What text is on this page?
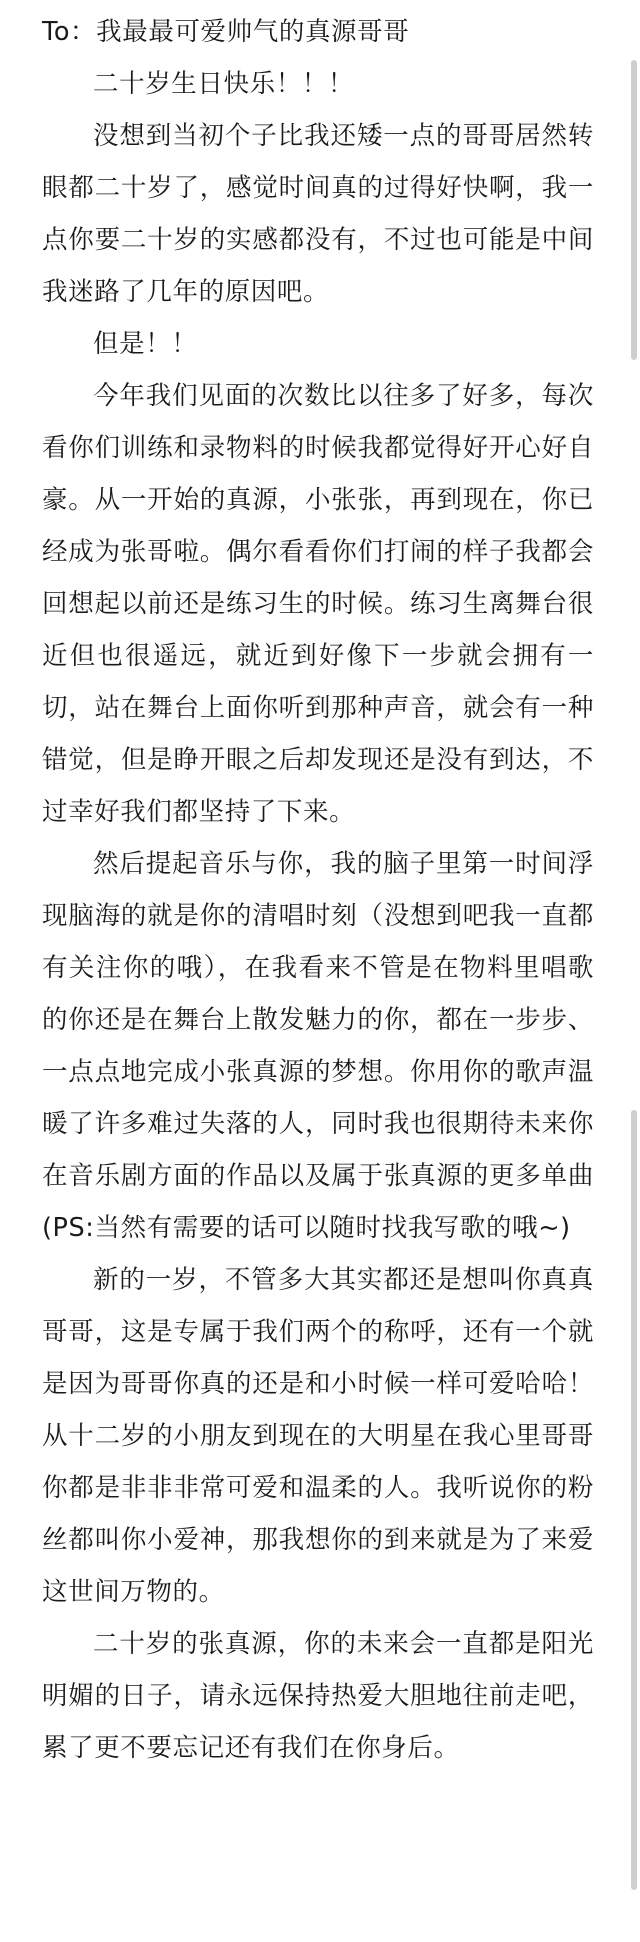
To：我最最可爱帅气的真源哥哥

二十岁生日快乐！！！

没想到当初个子比我还矮一点的哥哥居然转眼都二十岁了，感觉时间真的过得好快啊，我一点你要二十岁的实感都没有，不过也可能是中间我迷路了几年的原因吧。

但是！！

今年我们见面的次数比以往多了好多，每次看你们训练和录物料的时候我都觉得好开心好自豪。从一开始的真源，小张张，再到现在，你已经成为张哥啦。偶尔看看你们打闹的样子我都会回想起以前还是练习生的时候。练习生离舞台很近但也很遥远，就近到好像下一步就会拥有一切，站在舞台上面你听到那种声音，就会有一种错觉，但是睁开眼之后却发现还是没有到达，不过幸好我们都坚持了下来。

然后提起音乐与你，我的脑子里第一时间浮现脑海的就是你的清唱时刻（没想到吧我一直都有关注你的哦），在我看来不管是在物料里唱歌的你还是在舞台上散发魅力的你，都在一步步、一点点地完成小张真源的梦想。你用你的歌声温暖了许多难过失落的人，同时我也很期待未来你在音乐剧方面的作品以及属于张真源的更多单曲(PS:当然有需要的话可以随时找我写歌的哦~)

新的一岁，不管多大其实都还是想叫你真真哥哥，这是专属于我们两个的称呼，还有一个就是因为哥哥你真的还是和小时候一样可爱哈哈！从十二岁的小朋友到现在的大明星在我心里哥哥你都是非非非常可爱和温柔的人。我听说你的粉丝都叫你小爱神，那我想你的到来就是为了来爱这世间万物的。

二十岁的张真源，你的未来会一直都是阳光明媚的日子，请永远保持热爱大胆地往前走吧，累了更不要忘记还有我们在你身后。
